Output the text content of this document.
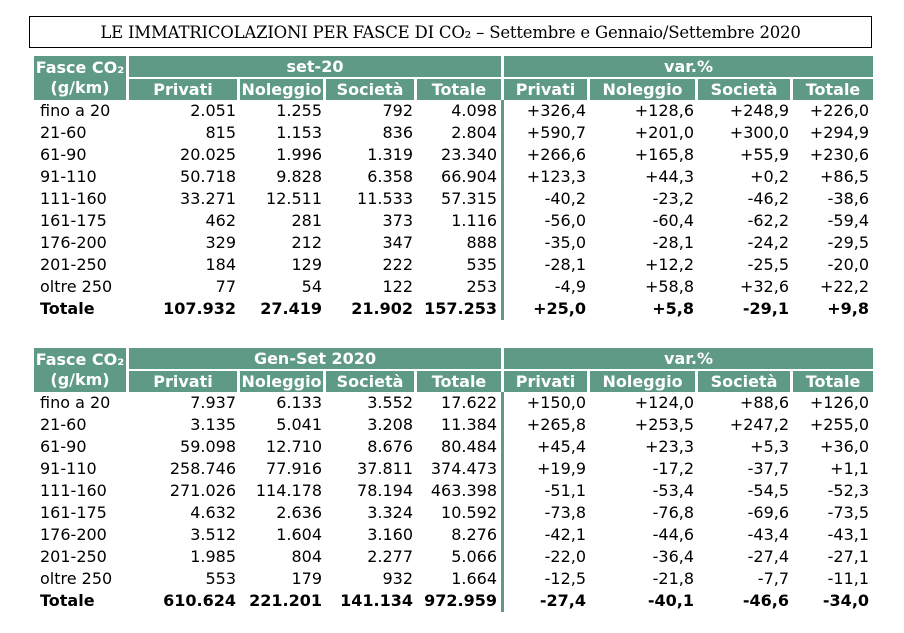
LE IMMATRICOLAZIONI PER FASCE DI CO₂ – Settembre e Gennaio/Settembre 2020
Fasce CO₂
(g/km)	set-20				var.%			
	Privati	Noleggio	Società	Totale	Privati	Noleggio	Società	Totale
fino a 20	2.051	1.255	792	4.098	+326,4	+128,6	+248,9	+226,0
21-60	815	1.153	836	2.804	+590,7	+201,0	+300,0	+294,9
61-90	20.025	1.996	1.319	23.340	+266,6	+165,8	+55,9	+230,6
91-110	50.718	9.828	6.358	66.904	+123,3	+44,3	+0,2	+86,5
111-160	33.271	12.511	11.533	57.315	-40,2	-23,2	-46,2	-38,6
161-175	462	281	373	1.116	-56,0	-60,4	-62,2	-59,4
176-200	329	212	347	888	-35,0	-28,1	-24,2	-29,5
201-250	184	129	222	535	-28,1	+12,2	-25,5	-20,0
oltre 250	77	54	122	253	-4,9	+58,8	+32,6	+22,2
Totale	107.932	27.419	21.902	157.253	+25,0	+5,8	-29,1	+9,8
Fasce CO₂
(g/km)	Gen-Set 2020				var.%			
	Privati	Noleggio	Società	Totale	Privati	Noleggio	Società	Totale
fino a 20	7.937	6.133	3.552	17.622	+150,0	+124,0	+88,6	+126,0
21-60	3.135	5.041	3.208	11.384	+265,8	+253,5	+247,2	+255,0
61-90	59.098	12.710	8.676	80.484	+45,4	+23,3	+5,3	+36,0
91-110	258.746	77.916	37.811	374.473	+19,9	-17,2	-37,7	+1,1
111-160	271.026	114.178	78.194	463.398	-51,1	-53,4	-54,5	-52,3
161-175	4.632	2.636	3.324	10.592	-73,8	-76,8	-69,6	-73,5
176-200	3.512	1.604	3.160	8.276	-42,1	-44,6	-43,4	-43,1
201-250	1.985	804	2.277	5.066	-22,0	-36,4	-27,4	-27,1
oltre 250	553	179	932	1.664	-12,5	-21,8	-7,7	-11,1
Totale	610.624	221.201	141.134	972.959	-27,4	-40,1	-46,6	-34,0
